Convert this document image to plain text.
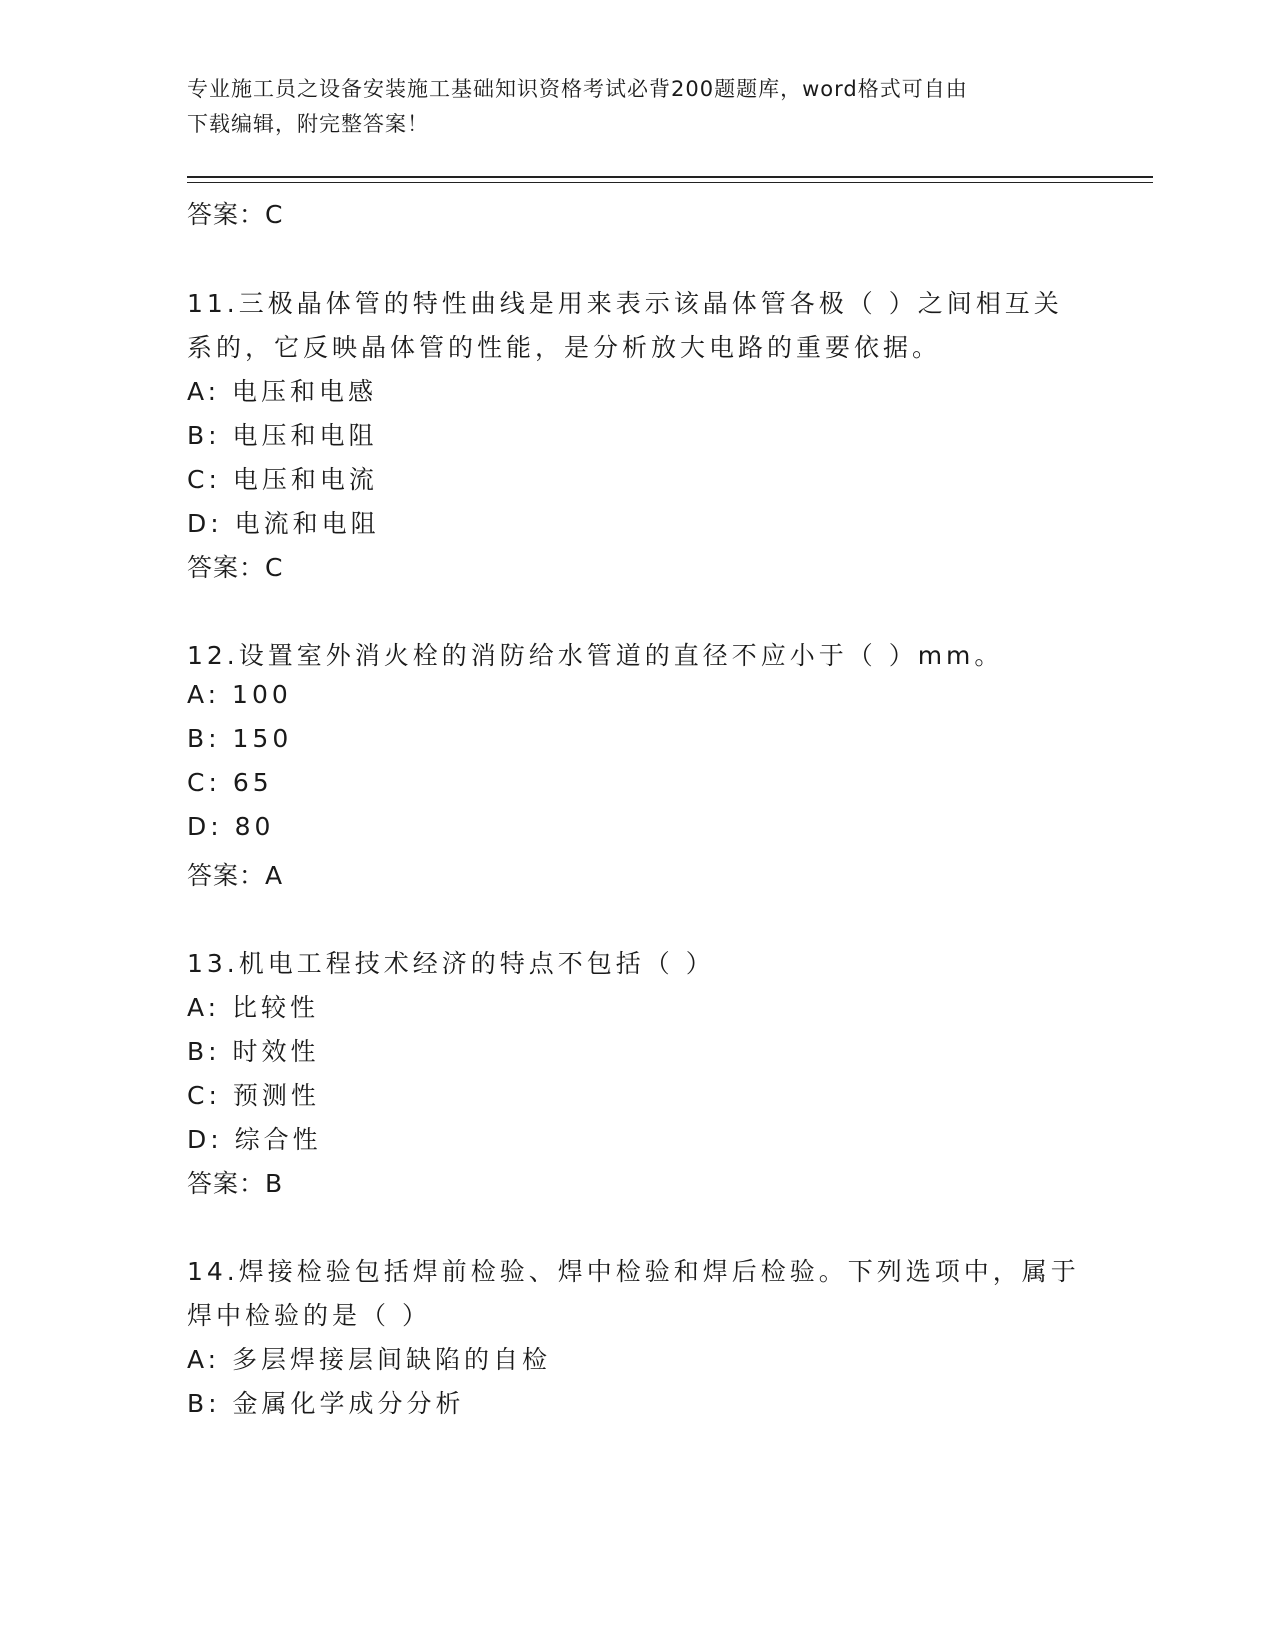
专业施工员之设备安装施工基础知识资格考试必背200题题库，word格式可自由
下载编辑，附完整答案！
答案：C
11.三极晶体管的特性曲线是用来表示该晶体管各极（ ）之间相互关
系的，它反映晶体管的性能，是分析放大电路的重要依据。
A: 电压和电感
B: 电压和电阻
C: 电压和电流
D: 电流和电阻
答案：C
12.设置室外消火栓的消防给水管道的直径不应小于（ ）mm。
A: 100
B: 150
C: 65
D: 80
答案：A
13.机电工程技术经济的特点不包括（ ）
A: 比较性
B: 时效性
C: 预测性
D: 综合性
答案：B
14.焊接检验包括焊前检验、焊中检验和焊后检验。下列选项中，属于
焊中检验的是（ ）
A: 多层焊接层间缺陷的自检
B: 金属化学成分分析
